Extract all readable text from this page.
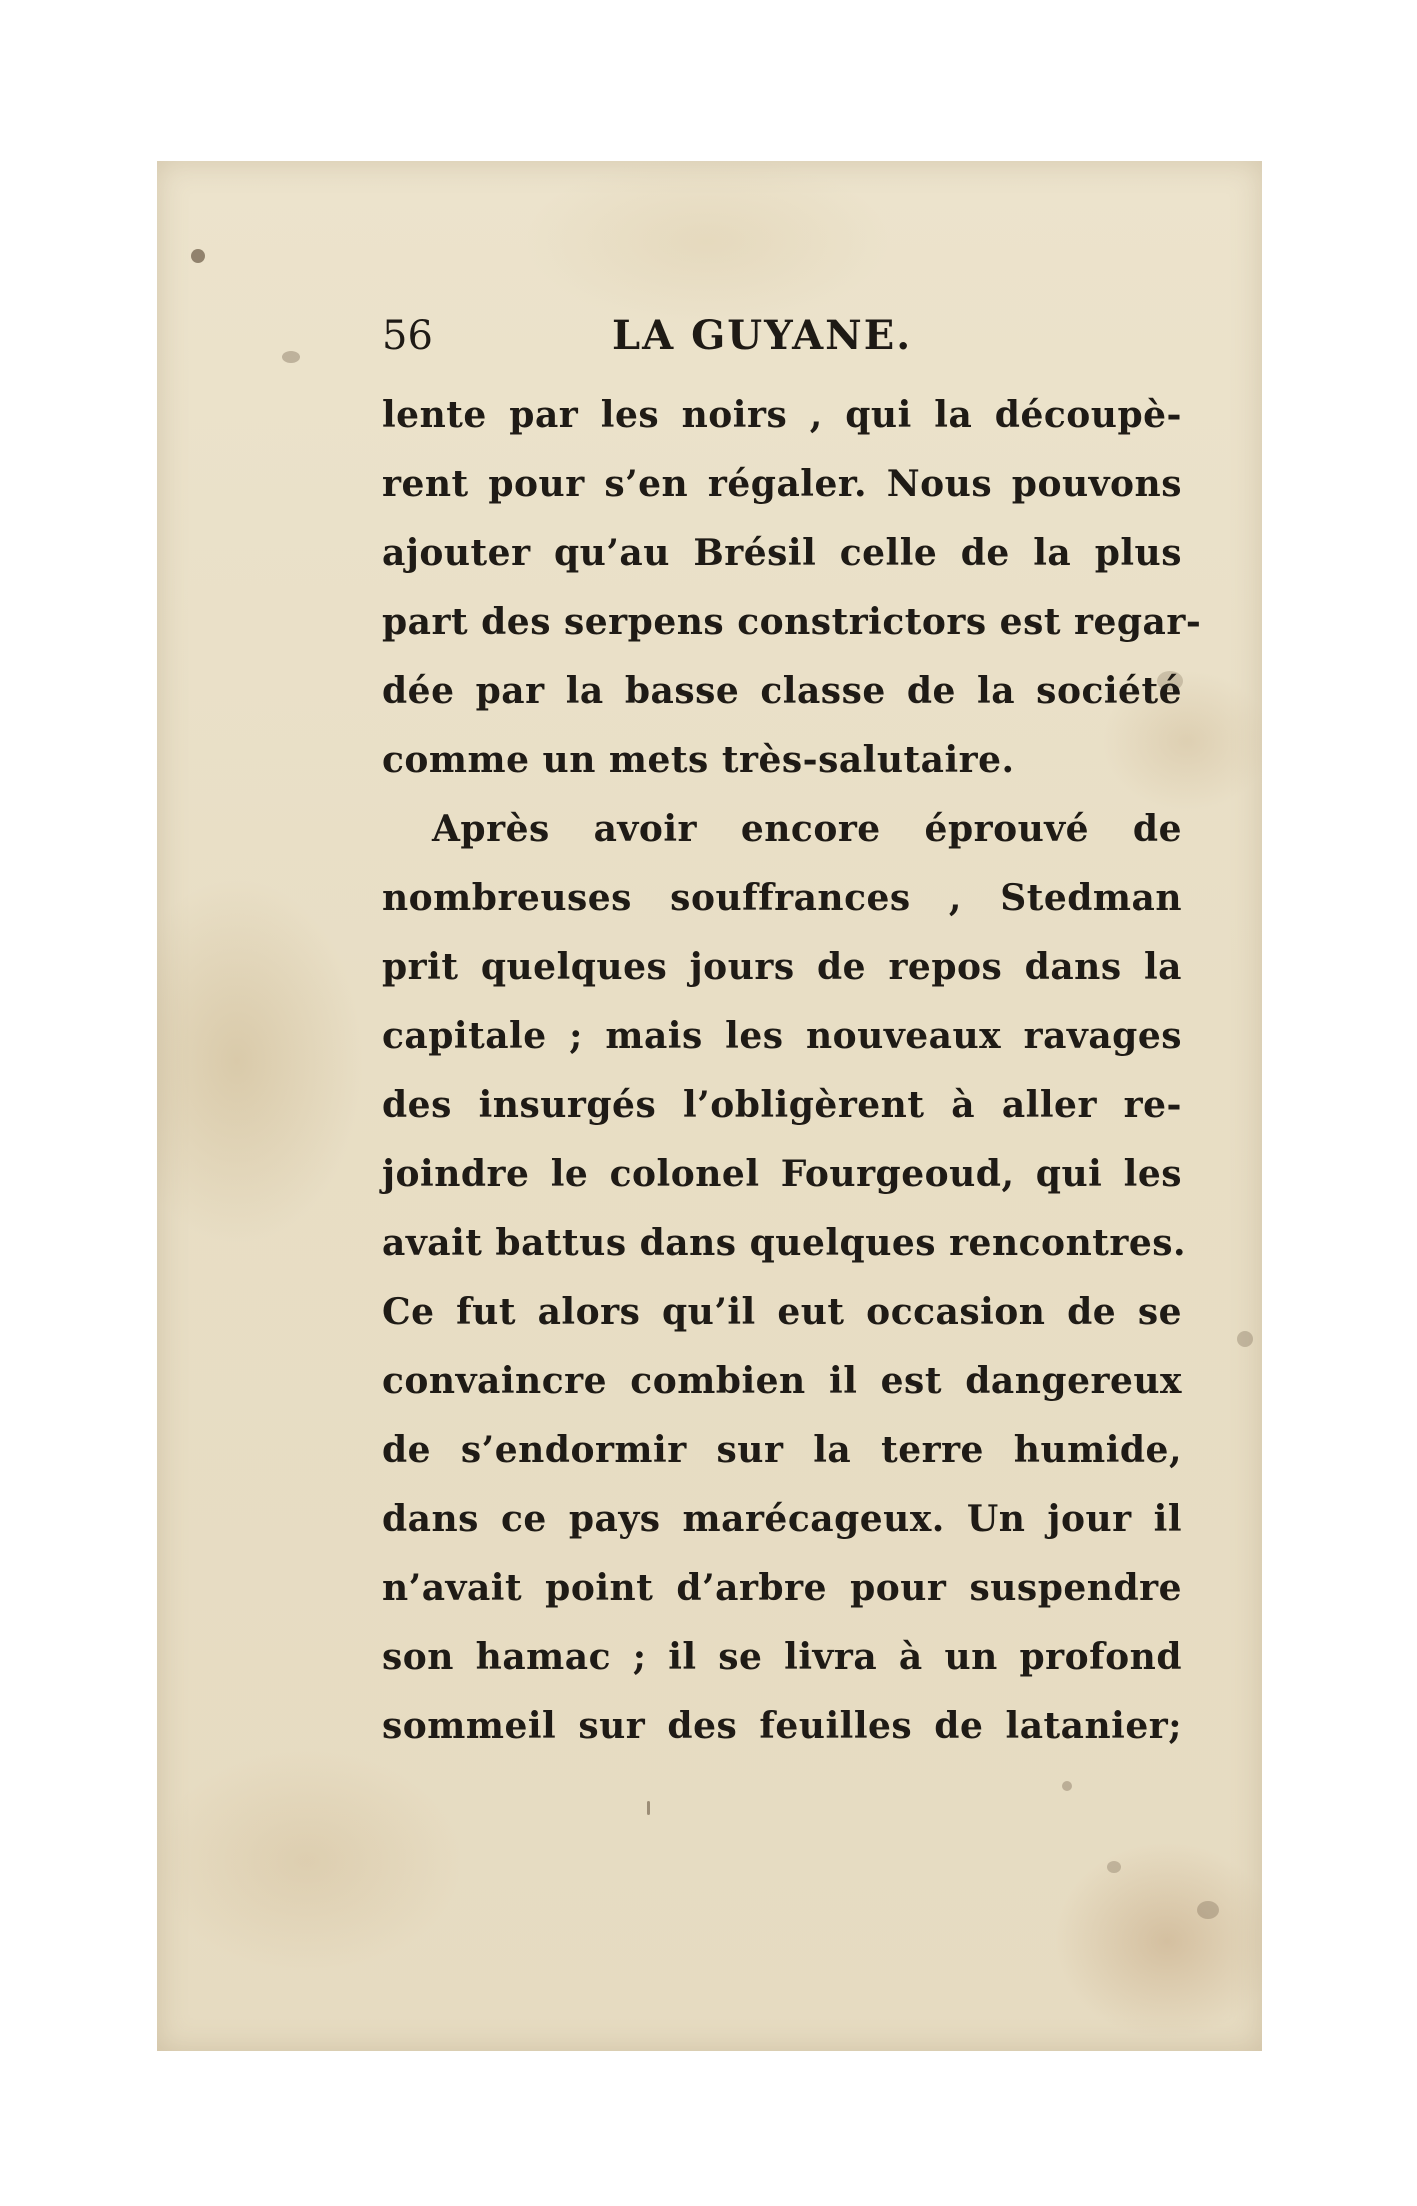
56	LA GUYANE.
lente par les noirs , qui la découpè-
rent pour s’en régaler. Nous pouvons
ajouter qu’au Brésil celle de la plus
part des serpens constrictors est regar-
dée par la basse classe de la société
comme un mets très-salutaire.
Après avoir encore éprouvé de
nombreuses souffrances , Stedman
prit quelques jours de repos dans la
capitale ; mais les nouveaux ravages
des insurgés l’obligèrent à aller re-
joindre le colonel Fourgeoud, qui les
avait battus dans quelques rencontres.
Ce fut alors qu’il eut occasion de se
convaincre combien il est dangereux
de s’endormir sur la terre humide,
dans ce pays marécageux. Un jour il
n’avait point d’arbre pour suspendre
son hamac ; il se livra à un profond
sommeil sur des feuilles de latanier;
